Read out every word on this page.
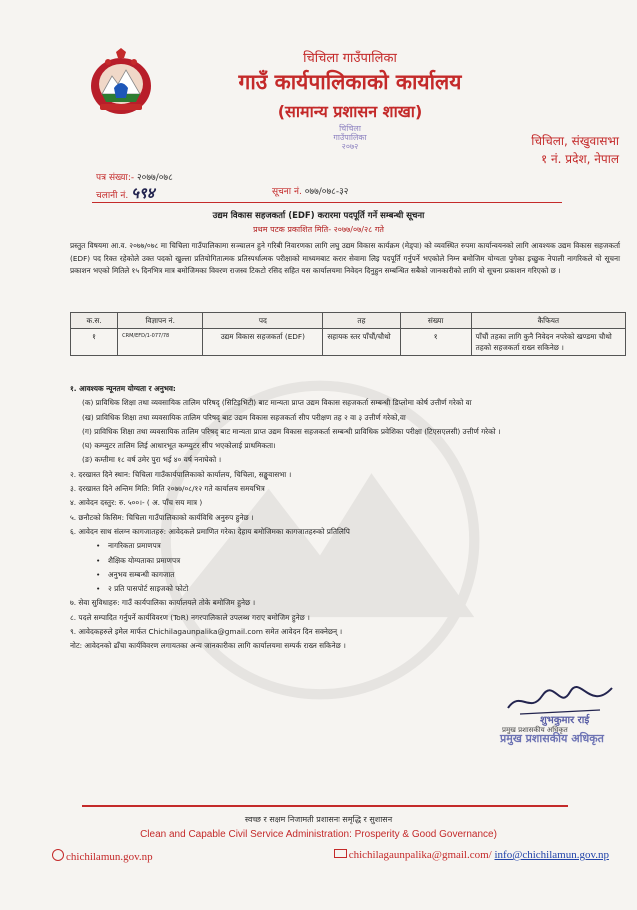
चिचिला गाउँपालिका
गाउँ कार्यपालिकाको कार्यालय
(सामान्य प्रशासन शाखा)
चिचिला
गाउँपालिका
२०७२	चिचिला, संखुवासभा
१ नं. प्रदेश, नेपाल
पत्र संख्या:- २०७७/०७८
चलानी नं. ५९४	सूचना नं. ०७७/०७८-३२
उद्यम विकास सहजकर्ता (EDF) करारमा पदपूर्ति गर्ने सम्बन्धी सूचना
प्रथम पटक प्रकाशित मिति- २०७७/०७/२८ गते
प्रस्तुत विषयमा आ.व. २०७७/०७८ मा चिचिला गाउँपालिकामा सञ्चालन हुने गरिबी निवारणका लागि लघु उद्यम विकास कार्यक्रम (मेड्पा) को व्यवस्थित रुपमा कार्यान्वयनको लागि आवश्यक उद्यम विकास सहजकर्ता (EDF) पद रिक्त रहेकोले उक्त पदको खुल्ला प्रतियोगितात्मक प्रतिस्पर्धात्मक परीक्षाको माध्यमबाट करार सेवामा लिइ पदपूर्ति गर्नुपर्ने भएकोले निम्न बमोजिम योग्यता पुगेका इच्छुक नेपाली नागरिकले यो सूचना प्रकाशन भएको मितिले १५ दिनभित्र मात्र बमोजिमका विवरण राजस्व टिकटो रसिद सहित यस कार्यालयमा निवेदन दिनुहुन सम्बन्धित सबैको जानकारीको लागि यो सूचना प्रकाशन गरिएको छ ।
क.स.	विज्ञापन नं.	पद	तह	संख्या	कैफियत
१	CRM/EFD/1-077/78	उद्यम विकास सहजकर्ता (EDF)	सहायक स्तर पाँचौं/चौथो	१	पाँचौं तहका लागि कुनै निवेदन नपरेको खण्डमा चौथो तहको सहजकर्ता राख्न सकिनेछ ।
१. आवश्यक न्यूनतम योग्यता र अनुभव:
(क) प्राविधिक शिक्षा तथा व्यवसायिक तालिम परिषद् (सिटिइभिटी) बाट मान्यता प्राप्त उद्यम विकास सहजकर्ता सम्बन्धी डिप्लोमा कोर्ष उत्तीर्ण गरेको वा
(ख) प्राविधिक शिक्षा तथा व्यवसायिक तालिम परिषद् बाट उद्यम विकास सहजकर्ता सीप परीक्षण तह २ वा ३ उत्तीर्ण गरेको,वा
(ग) प्राविधिक शिक्षा तथा व्यवसायिक तालिम परिषद् बाट मान्यता प्राप्त उद्यम विकास सहजकर्ता सम्बन्धी प्राविधिक प्रवेशिका परीक्षा (टिएसएलसी) उत्तीर्ण गरेको ।
(घ) कम्प्युटर तालिम लिई आधारभूत कम्प्युटर सीप भएकोलाई प्राथमिकता।
(ङ) कम्तीमा १८ वर्ष उमेर पुरा भई ४० वर्ष ननाघेको ।
२. दरखास्त दिने स्थान: चिचिला गाउँकार्यपालिकाको कार्यालय, चिचिला, सङ्खुवासभा ।
३. दरखास्त दिने अन्तिम मिति: मिति २०७७/०८/१२ गते कार्यालय समयभित्र
४. आवेदन दस्तुर: रु. ५००।- ( अ. पाँच सय मात्र )
५. छनौटको किसिम: चिचिला गाउँपालिकाको कार्यविधि अनुरुप हुनेछ ।
६. आवेदन साथ संलग्न कागजातहरु: आवेदकले प्रमाणित गरेका देहाय बमोजिमका कागजातहरुको प्रतिलिपि
• नागरिकता प्रमाणपत्र
• शैक्षिक योग्यताका प्रमाणपत्र
• अनुभव सम्बन्धी कागजात
• २ प्रति पासपोर्ट साइजको फोटो
७. सेवा सुविधाहरु: गाउँ कार्यपालिका कार्यालयले तोके बमोजिम हुनेछ ।
८. पदले सम्पादित गर्नुपर्ने कार्यविवरण (ToR) नगरपालिकाले उपलब्ध गराए बमोजिम हुनेछ ।
९. आवेदकहरुले इमेल मार्फत Chichilagaunpalika@gmail.com समेत आवेदन दिन सक्नेछन् ।
नोट: आवेदनको ढाँचा कार्यविवरण लगायतका अन्य जानकारीका लागि कार्यालयमा सम्पर्क राख्न सकिनेछ ।
शुभकुमार राई
प्रमुख प्रशासकीय अधिकृत
प्रमुख प्रशासकीय अधिकृत
स्वच्छ र सक्षम निजामती प्रशासनः समृद्धि र सुशासन
Clean and Capable Civil Service Administration: Prosperity & Good Governance)
chichilamun.gov.np	chichilagaunpalika@gmail.com/ info@chichilamun.gov.np
